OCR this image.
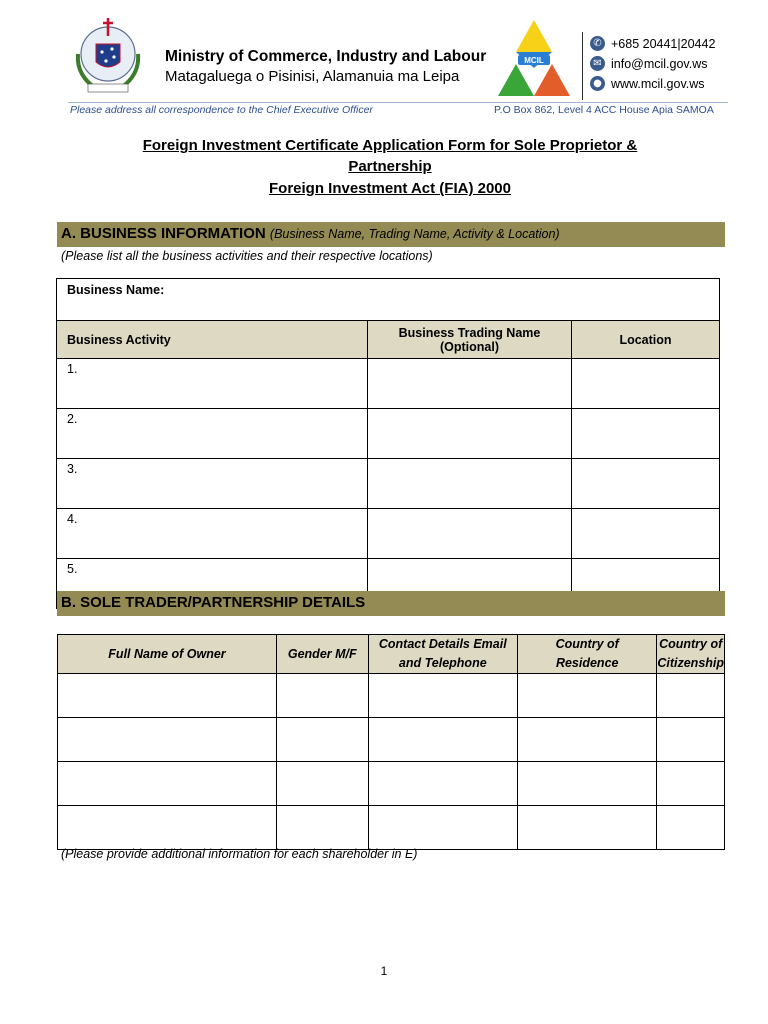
Ministry of Commerce, Industry and Labour
Matagaluega o Pisinisi, Alamanuia ma Leipa
MCIL
✆ +685 20441|20442
✉ info@mcil.gov.ws
● www.mcil.gov.ws
Please address all correspondence to the Chief Executive Officer	P.O Box 862, Level 4 ACC House Apia SAMOA
Foreign Investment Certificate Application Form for Sole Proprietor &
Partnership
Foreign Investment Act (FIA) 2000
A. BUSINESS INFORMATION (Business Name, Trading Name, Activity & Location)
(Please list all the business activities and their respective locations)
Business Name:		
Business Activity	Business Trading Name (Optional)	Location
1.		
2.		
3.		
4.		
5.		
B. SOLE TRADER/PARTNERSHIP DETAILS
Full Name of Owner	Gender M/F	Contact Details Email and Telephone	Country of Residence	Country of Citizenship

(Please provide additional information for each shareholder in E)
1
